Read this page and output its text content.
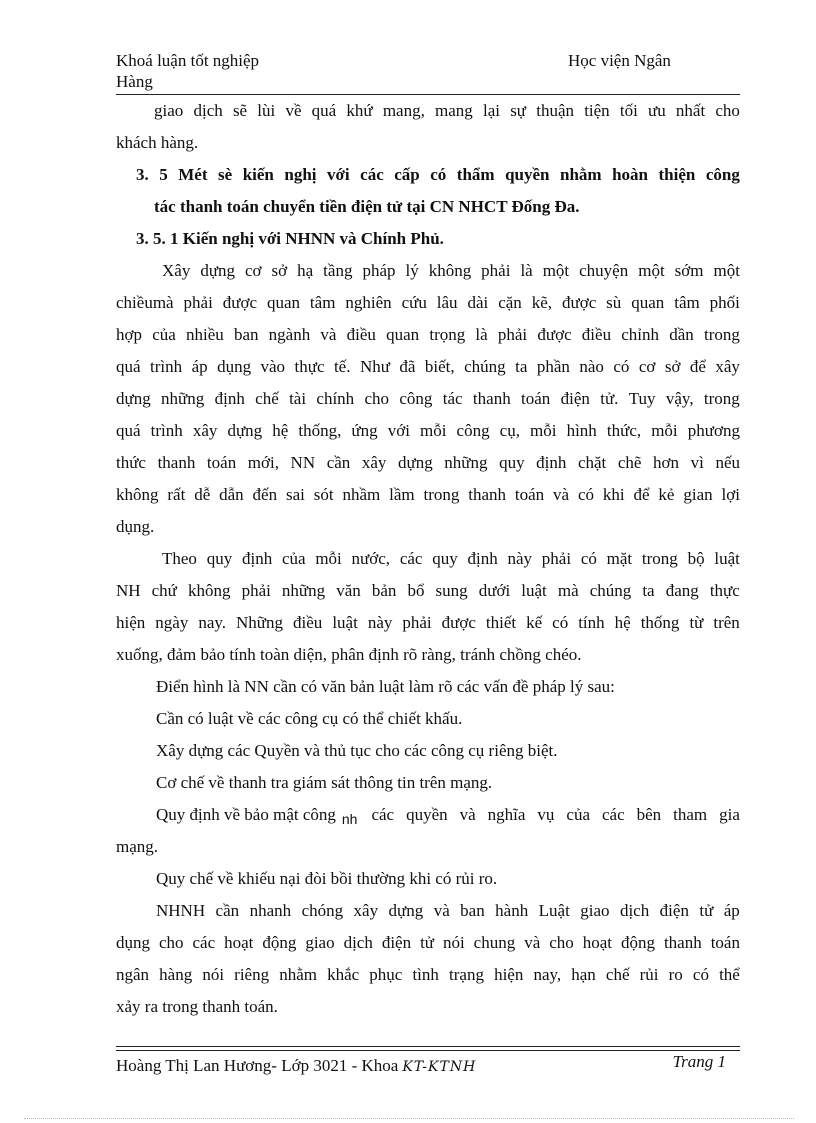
Khoá luận tốt nghiệp
Hàng
Học viện Ngân
giao dịch sẽ lùi về quá khứ mang, mang lại sự thuận tiện tối ưu nhất cho
khách hàng.
3. 5 Mét sè kiến nghị với các cấp có thẩm quyền nhằm hoàn thiện công
tác thanh toán chuyển tiền điện tử tại CN NHCT Đống Đa.
3. 5. 1 Kiến nghị với NHNN và Chính Phủ.
Xây dựng cơ sở hạ tầng pháp lý không phải là một chuyện một sớm một
chiềumà phải được quan tâm nghiên cứu lâu dài cặn kẽ, được sù quan tâm phối
hợp của nhiều ban ngành và điều quan trọng là phải được điều chỉnh dần trong
quá trình áp dụng vào thực tế. Như đã biết, chúng ta phần nào có cơ sở để xây
dựng những định chế tài chính cho công tác thanh toán điện tử. Tuy vậy, trong
quá trình xây dựng hệ thống, ứng với mỗi công cụ, mỗi hình thức, mỗi phương
thức thanh toán mới, NN cần xây dựng những quy định chặt chẽ hơn vì nếu
không rất dễ dẫn đến sai sót nhầm lầm trong thanh toán và có khi để kẻ gian lợi
dụng.
Theo quy định của mỗi nước, các quy định này phải có mặt trong bộ luật
NH chứ không phải những văn bản bổ sung dưới luật mà chúng ta đang thực
hiện ngày nay. Những điều luật này phải được thiết kế có tính hệ thống từ trên
xuống, đảm bảo tính toàn diện, phân định rõ ràng, tránh chồng chéo.
Điển hình là NN cần có văn bản luật làm rõ các vấn đề pháp lý sau:
Cần có luật về các công cụ có thể chiết khấu.
Xây dựng các Quyền và thủ tục cho các công cụ riêng biệt.
Cơ chế về thanh tra giám sát thông tin trên mạng.
Quy định về bảo mật công nh các quyền và nghĩa vụ của các bên tham gia
mạng.
Quy chế về khiếu nại đòi bồi thường khi có rủi ro.
NHNH cần nhanh chóng xây dựng và ban hành Luật giao dịch điện tử áp
dụng cho các hoạt động giao dịch điện tử nói chung và cho hoạt động thanh toán
ngân hàng nói riêng nhằm khắc phục tình trạng hiện nay, hạn chế rủi ro có thể
xảy ra trong thanh toán.
Hoàng Thị Lan Hương- Lớp 3021 - Khoa KT-KTNH	Trang 1
